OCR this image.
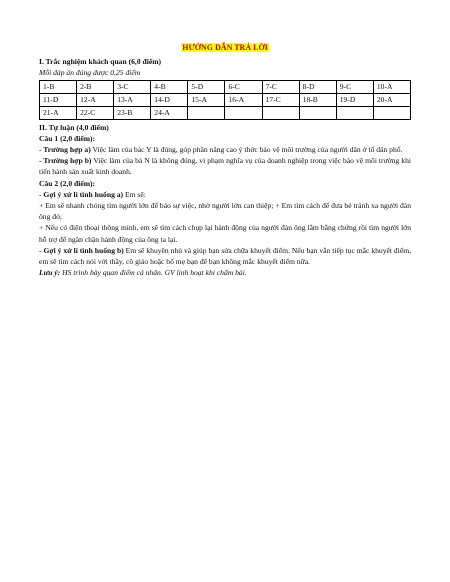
HƯỚNG DẪN TRẢ LỜI

I. Trắc nghiệm khách quan (6,0 điểm)

Mỗi đáp án đúng được 0,25 điểm

1-B	2-B	3-C	4-B	5-D	6-C	7-C	8-D	9-C	10-A
11-D	12-A	13-A	14-D	15-A	16-A	17-C	18-B	19-D	20-A
21-A	22-C	23-B	24-A						

II. Tự luận (4,0 điểm)

Câu 1 (2,0 điểm):

- Trường hợp a) Việc làm của bác Y là đúng, góp phần nâng cao ý thức bảo vệ môi trường của người dân ở tổ dân phố.

- Trường hợp b) Việc làm của bà N là không đúng, vi phạm nghĩa vụ của doanh nghiệp trong việc bảo vệ môi trường khi tiến hành sản xuất kinh doanh.

Câu 2 (2,0 điểm):

- Gợi ý xử lí tình huống a) Em sẽ:

+ Em sẽ nhanh chóng tìm người lớn để báo sự việc, nhờ người lớn can thiệp; + Em tìm cách để đưa bé tránh xa người đàn ông đó;

+ Nếu có điện thoại thông minh, em sẽ tìm cách chụp lại hành động của người đàn ông lằm bằng chứng rồi tìm người lớn hỗ trợ để ngăn chặn hành động của ông ta lại.

- Gợi ý xử lí tình huống b) Em sẽ khuyên nhủ và giúp bạn sửa chữa khuyết điểm. Nếu bạn vẫn tiếp tục mắc khuyết điểm, em sẽ tìm cách nói với thầy, cô giáo hoặc bố mẹ bạn để bạn không mắc khuyết điểm nữa.

Lưu ý: HS trình bày quan điểm cá nhân. GV linh hoạt khi chấm bài.
